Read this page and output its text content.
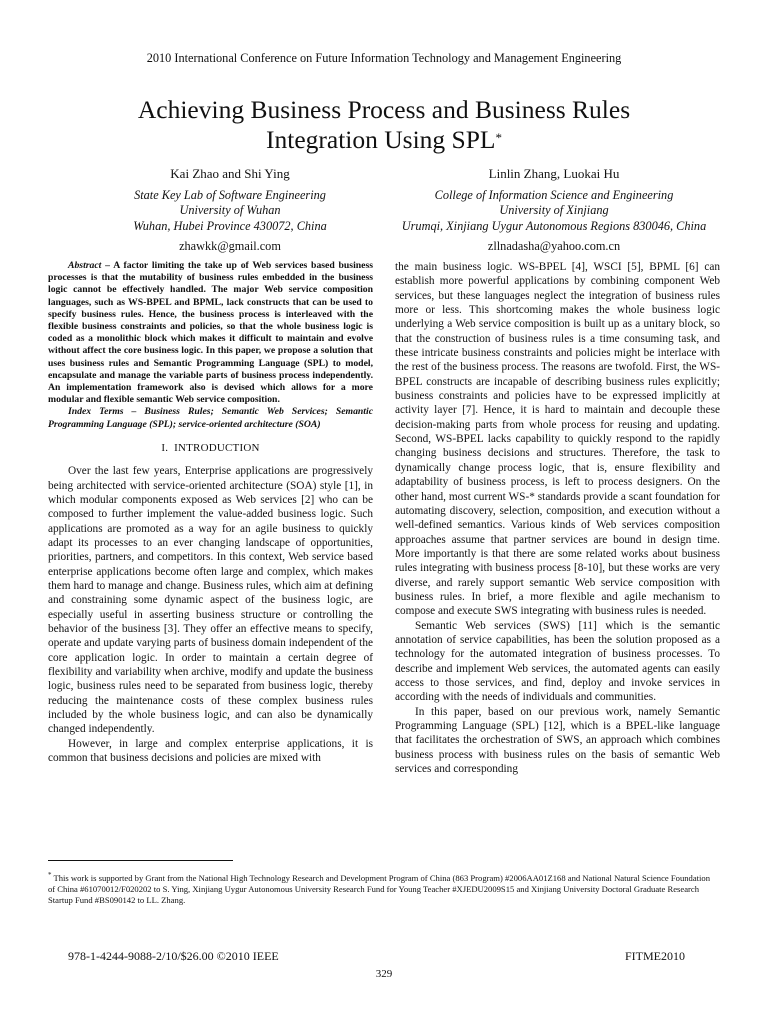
2010 International Conference on Future Information Technology and Management Engineering
Achieving Business Process and Business Rules
Integration Using SPL*
Kai Zhao and Shi Ying
State Key Lab of Software Engineering
University of Wuhan
Wuhan, Hubei Province 430072, China
zhawkk@gmail.com
Linlin Zhang, Luokai Hu
College of Information Science and Engineering
University of Xinjiang
Urumqi, Xinjiang Uygur Autonomous Regions 830046, China
zllnadasha@yahoo.com.cn

Abstract – A factor limiting the take up of Web services based business processes is that the mutability of business rules embedded in the business logic cannot be effectively handled. The major Web service composition languages, such as WS-BPEL and BPML, lack constructs that can be used to specify business rules. Hence, the business process is interleaved with the flexible business constraints and policies, so that the whole business logic is coded as a monolithic block which makes it difficult to maintain and evolve without affect the core business logic. In this paper, we propose a solution that uses business rules and Semantic Programming Language (SPL) to model, encapsulate and manage the variable parts of business process independently. An implementation framework also is devised which allows for a more modular and flexible semantic Web service composition.

Index Terms – Business Rules; Semantic Web Services; Semantic Programming Language (SPL); service-oriented architecture (SOA)

I. INTRODUCTION

Over the last few years, Enterprise applications are progressively being architected with service-oriented architecture (SOA) style [1], in which modular components exposed as Web services [2] who can be composed to further implement the value-added business logic. Such applications are promoted as a way for an agile business to quickly adapt its processes to an ever changing landscape of opportunities, priorities, partners, and competitors. In this context, Web service based enterprise applications become often large and complex, which makes them hard to manage and change. Business rules, which aim at defining and constraining some dynamic aspect of the business logic, are especially useful in asserting business structure or controlling the behavior of the business [3]. They offer an effective means to specify, operate and update varying parts of business domain independent of the core application logic. In order to maintain a certain degree of flexibility and variability when archive, modify and update the business logic, business rules need to be separated from business logic, thereby reducing the maintenance costs of these complex business rules included by the whole business logic, and can also be dynamically changed independently.

However, in large and complex enterprise applications, it is common that business decisions and policies are mixed with

the main business logic. WS-BPEL [4], WSCI [5], BPML [6] can establish more powerful applications by combining component Web services, but these languages neglect the integration of business rules more or less. This shortcoming makes the whole business logic underlying a Web service composition is built up as a unitary block, so that the construction of business rules is a time consuming task, and these intricate business constraints and policies might be interlace with the rest of the business process. The reasons are twofold. First, the WS-BPEL constructs are incapable of describing business rules explicitly; business constraints and policies have to be expressed implicitly at activity layer [7]. Hence, it is hard to maintain and decouple these decision-making parts from whole process for reusing and updating. Second, WS-BPEL lacks capability to quickly respond to the rapidly changing business decisions and structures. Therefore, the task to dynamically change process logic, that is, ensure flexibility and adaptability of business process, is left to process designers. On the other hand, most current WS-* standards provide a scant foundation for automating discovery, selection, composition, and execution without a well-defined semantics. Various kinds of Web services composition approaches assume that partner services are bound in design time. More importantly is that there are some related works about business rules integrating with business process [8-10], but these works are very diverse, and rarely support semantic Web service composition with business rules. In brief, a more flexible and agile mechanism to compose and execute SWS integrating with business rules is needed.

Semantic Web services (SWS) [11] which is the semantic annotation of service capabilities, has been the solution proposed as a technology for the automated integration of business processes. To describe and implement Web services, the automated agents can easily access to those services, and find, deploy and invoke services in according with the needs of individuals and communities.

In this paper, based on our previous work, namely Semantic Programming Language (SPL) [12], which is a BPEL-like language that facilitates the orchestration of SWS, an approach which combines business process with business rules on the basis of semantic Web services and corresponding

* This work is supported by Grant from the National High Technology Research and Development Program of China (863 Program) #2006AA01Z168 and National Natural Science Foundation of China #61070012/F020202 to S. Ying, Xinjiang Uygur Autonomous University Research Fund for Young Teacher #XJEDU2009S15 and Xinjiang University Doctoral Graduate Research Startup Fund #BS090142 to LL. Zhang.
978-1-4244-9088-2/10/$26.00 ©2010 IEEE	FITME2010
329
